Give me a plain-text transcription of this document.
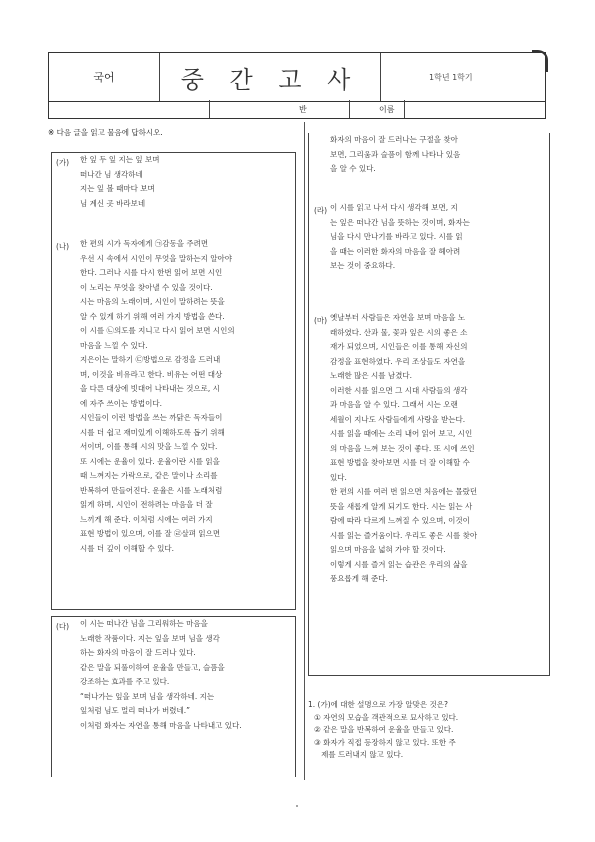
국어	중 간 고 사	1학년 1학기
반	이름
※ 다음 글을 읽고 물음에 답하시오.
(가) 한 잎 두 잎 지는 잎 보며
떠나간 님 생각하네
지는 잎 볼 때마다 보며
님 계신 곳 바라보네
(나) 한 편의 시가 독자에게 ㉠감동을 주려면
우선 시 속에서 시인이 무엇을 말하는지 알아야
한다. 그러나 시를 다시 한번 읽어 보면 시인
이 노리는 무엇을 찾아낼 수 있을 것이다.
시는 마음의 노래이며, 시인이 말하려는 뜻을
알 수 있게 하기 위해 여러 가지 방법을 쓴다.
이 시를 ㉡의도를 지니고 다시 읽어 보면 시인의
마음을 느낄 수 있다.
지은이는 말하기 ㉢방법으로 감정을 드러내
며, 이것을 비유라고 한다. 비유는 어떤 대상
을 다른 대상에 빗대어 나타내는 것으로, 시
에 자주 쓰이는 방법이다.
시인들이 이런 방법을 쓰는 까닭은 독자들이
시를 더 쉽고 재미있게 이해하도록 돕기 위해
서이며, 이를 통해 시의 맛을 느낄 수 있다.
또 시에는 운율이 있다. 운율이란 시를 읽을
때 느껴지는 가락으로, 같은 말이나 소리를
반복하여 만들어진다. 운율은 시를 노래처럼
읽게 하며, 시인이 전하려는 마음을 더 잘
느끼게 해 준다. 이처럼 시에는 여러 가지
표현 방법이 있으며, 이를 잘 ㉣살펴 읽으면
시를 더 깊이 이해할 수 있다.
(다) 이 시는 떠나간 님을 그리워하는 마음을
노래한 작품이다. 지는 잎을 보며 님을 생각
하는 화자의 마음이 잘 드러나 있다.
같은 말을 되풀이하여 운율을 만들고, 슬픔을
강조하는 효과를 주고 있다.
“떠나가는 잎을 보며 님을 생각하네. 지는
잎처럼 님도 멀리 떠나가 버렸네.”
이처럼 화자는 자연을 통해 마음을 나타내고 있다.
화자의 마음이 잘 드러나는 구절을 찾아
보면, 그리움과 슬픔이 함께 나타나 있음
을 알 수 있다.
(라) 이 시를 읽고 나서 다시 생각해 보면, 지
는 잎은 떠나간 님을 뜻하는 것이며, 화자는
님을 다시 만나기를 바라고 있다. 시를 읽
을 때는 이러한 화자의 마음을 잘 헤아려
보는 것이 중요하다.
(마) 옛날부터 사람들은 자연을 보며 마음을 노
래하였다. 산과 물, 꽃과 잎은 시의 좋은 소
재가 되었으며, 시인들은 이를 통해 자신의
감정을 표현하였다. 우리 조상들도 자연을
노래한 많은 시를 남겼다.
이러한 시를 읽으면 그 시대 사람들의 생각
과 마음을 알 수 있다. 그래서 시는 오랜
세월이 지나도 사람들에게 사랑을 받는다.
시를 읽을 때에는 소리 내어 읽어 보고, 시인
의 마음을 느껴 보는 것이 좋다. 또 시에 쓰인
표현 방법을 찾아보면 시를 더 잘 이해할 수
있다.
한 편의 시를 여러 번 읽으면 처음에는 몰랐던
뜻을 새롭게 알게 되기도 한다. 시는 읽는 사
람에 따라 다르게 느껴질 수 있으며, 이것이
시를 읽는 즐거움이다. 우리도 좋은 시를 찾아
읽으며 마음을 넓혀 가야 할 것이다.
이렇게 시를 즐겨 읽는 습관은 우리의 삶을
풍요롭게 해 준다.
1. (가)에 대한 설명으로 가장 알맞은 것은?
① 자연의 모습을 객관적으로 묘사하고 있다.
② 같은 말을 반복하여 운율을 만들고 있다.
③ 화자가 직접 등장하지 않고 있다. 또한 주
제를 드러내지 않고 있다.
